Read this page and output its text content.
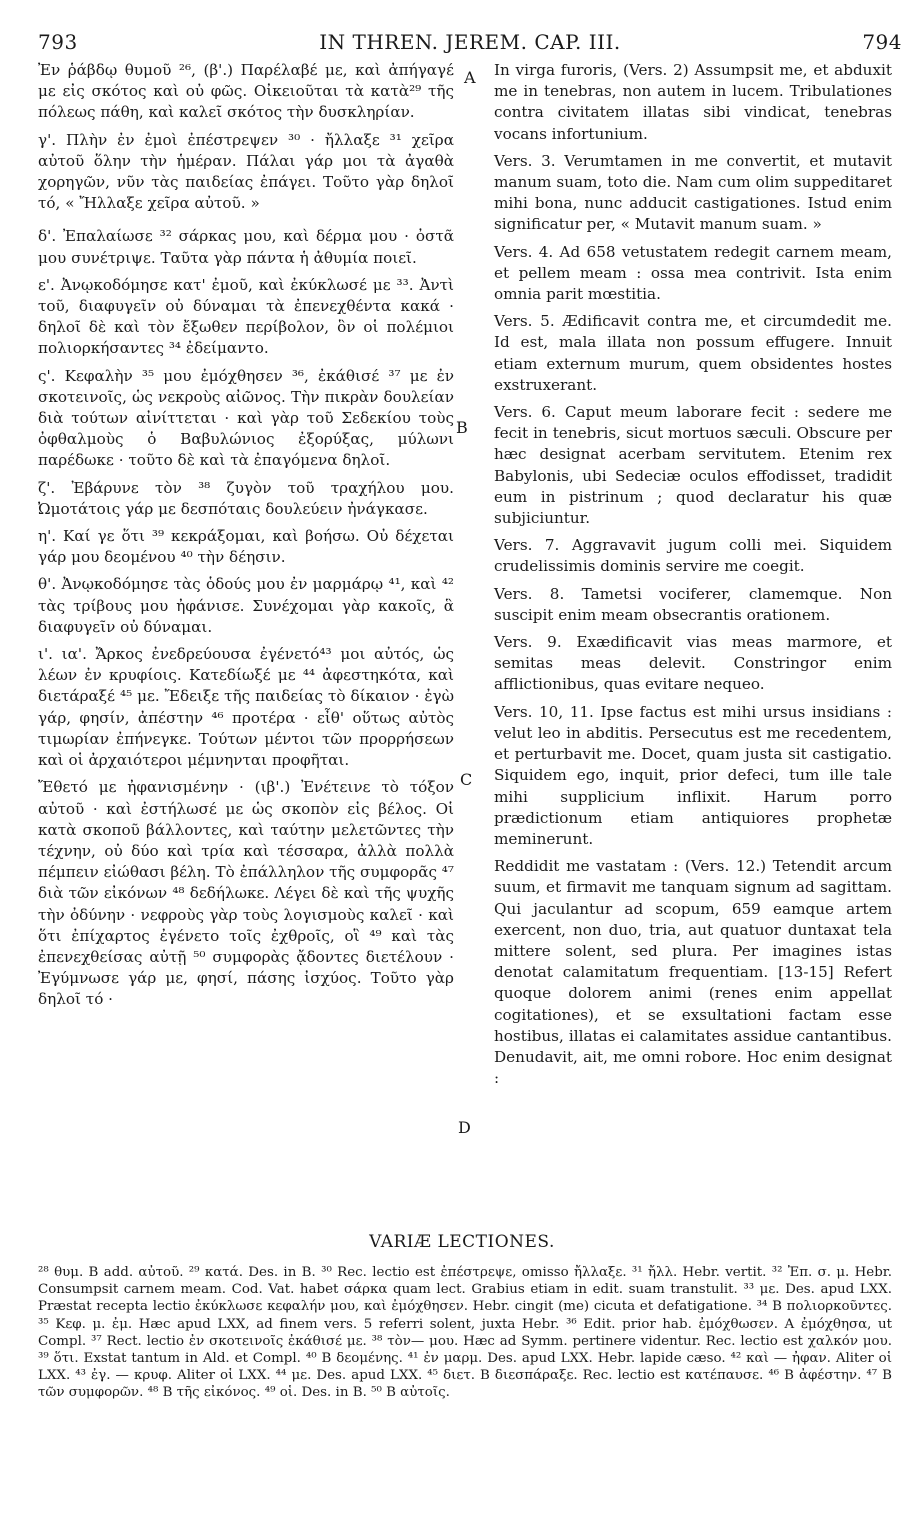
793	IN THREN. JEREM. CAP. III.	794
A
B
C
D

Ἐν ῥάβδῳ θυμοῦ ²⁶, (β'.) Παρέλαβέ με, καὶ ἀπήγαγέ με εἰς σκότος καὶ οὐ φῶς. Οἰκειοῦται τὰ κατὰ²⁹ τῆς πόλεως πάθη, καὶ καλεῖ σκότος τὴν δυσκληρίαν.

γ'. Πλὴν ἐν ἐμοὶ ἐπέστρεψεν ³⁰ · ἤλλαξε ³¹ χεῖρα αὐτοῦ ὅλην τὴν ἡμέραν. Πάλαι γάρ μοι τὰ ἀγαθὰ χορηγῶν, νῦν τὰς παιδείας ἐπάγει. Τοῦτο γὰρ δηλοῖ τό, « Ἤλλαξε χεῖρα αὐτοῦ. »

δ'. Ἐπαλαίωσε ³² σάρκας μου, καὶ δέρμα μου · ὀστᾶ μου συνέτριψε. Ταῦτα γὰρ πάντα ἡ ἀθυμία ποιεῖ.

ε'. Ἀνῳκοδόμησε κατ' ἐμοῦ, καὶ ἐκύκλωσέ με ³³. Ἀντὶ τοῦ, διαφυγεῖν οὐ δύναμαι τὰ ἐπενεχθέντα κακά · δηλοῖ δὲ καὶ τὸν ἔξωθεν περίβολον, ὃν οἱ πολέμιοι πολιορκήσαντες ³⁴ ἐδείμαντο.

ς'. Κεφαλὴν ³⁵ μου ἐμόχθησεν ³⁶, ἐκάθισέ ³⁷ με ἐν σκοτεινοῖς, ὡς νεκροὺς αἰῶνος. Τὴν πικρὰν δουλείαν διὰ τούτων αἰνίττεται · καὶ γὰρ τοῦ Σεδεκίου τοὺς ὀφθαλμοὺς ὁ Βαβυλώνιος ἐξορύξας, μύλωνι παρέδωκε · τοῦτο δὲ καὶ τὰ ἐπαγόμενα δηλοῖ.

ζ'. Ἐβάρυνε τὸν ³⁸ ζυγὸν τοῦ τραχήλου μου. Ὠμοτάτοις γάρ με δεσπόταις δουλεύειν ἠνάγκασε.

η'. Καί γε ὅτι ³⁹ κεκράξομαι, καὶ βοήσω. Οὐ δέχεται γάρ μου δεομένου ⁴⁰ τὴν δέησιν.

θ'. Ἀνῳκοδόμησε τὰς ὁδούς μου ἐν μαρμάρῳ ⁴¹, καὶ ⁴² τὰς τρίβους μου ἠφάνισε. Συνέχομαι γὰρ κακοῖς, ἃ διαφυγεῖν οὐ δύναμαι.

ι'. ια'. Ἄρκος ἐνεδρεύουσα ἐγένετό⁴³ μοι αὐτός, ὡς λέων ἐν κρυφίοις. Κατεδίωξέ με ⁴⁴ ἀφεστηκότα, καὶ διετάραξέ ⁴⁵ με. Ἔδειξε τῆς παιδείας τὸ δίκαιον · ἐγὼ γάρ, φησίν, ἀπέστην ⁴⁶ προτέρα · εἶθ' οὕτως αὐτὸς τιμωρίαν ἐπήνεγκε. Τούτων μέντοι τῶν προρρήσεων καὶ οἱ ἀρχαιότεροι μέμνηνται προφῆται.

Ἔθετό με ἠφανισμένην · (ιβ'.) Ἐνέτεινε τὸ τόξον αὐτοῦ · καὶ ἐστήλωσέ με ὡς σκοπὸν εἰς βέλος. Οἱ κατὰ σκοποῦ βάλλοντες, καὶ ταύτην μελετῶντες τὴν τέχνην, οὐ δύο καὶ τρία καὶ τέσσαρα, ἀλλὰ πολλὰ πέμπειν εἰώθασι βέλη. Τὸ ἐπάλληλον τῆς συμφορᾶς ⁴⁷ διὰ τῶν εἰκόνων ⁴⁸ δεδήλωκε. Λέγει δὲ καὶ τῆς ψυχῆς τὴν ὀδύνην · νεφροὺς γὰρ τοὺς λογισμοὺς καλεῖ · καὶ ὅτι ἐπίχαρτος ἐγένετο τοῖς ἐχθροῖς, οἳ ⁴⁹ καὶ τὰς ἐπενεχθείσας αὐτῇ ⁵⁰ συμφορὰς ᾄδοντες διετέλουν · Ἐγύμνωσε γάρ με, φησί, πάσης ἰσχύος. Τοῦτο γὰρ δηλοῖ τό ·

In virga furoris, (Vers. 2) Assumpsit me, et abduxit me in tenebras, non autem in lucem. Tribulationes contra civitatem illatas sibi vindicat, tenebras vocans infortunium.

Vers. 3. Verumtamen in me convertit, et mutavit manum suam, toto die. Nam cum olim suppeditaret mihi bona, nunc adducit castigationes. Istud enim significatur per, « Mutavit manum suam. »

Vers. 4. Ad 658 vetustatem redegit carnem meam, et pellem meam : ossa mea contrivit. Ista enim omnia parit mœstitia.

Vers. 5. Ædificavit contra me, et circumdedit me. Id est, mala illata non possum effugere. Innuit etiam externum murum, quem obsidentes hostes exstruxerant.

Vers. 6. Caput meum laborare fecit : sedere me fecit in tenebris, sicut mortuos sæculi. Obscure per hæc designat acerbam servitutem. Etenim rex Babylonis, ubi Sedeciæ oculos effodisset, tradidit eum in pistrinum ; quod declaratur his quæ subjiciuntur.

Vers. 7. Aggravavit jugum colli mei. Siquidem crudelissimis dominis servire me coegit.

Vers. 8. Tametsi vociferer, clamemque. Non suscipit enim meam obsecrantis orationem.

Vers. 9. Exædificavit vias meas marmore, et semitas meas delevit. Constringor enim afflictionibus, quas evitare nequeo.

Vers. 10, 11. Ipse factus est mihi ursus insidians : velut leo in abditis. Persecutus est me recedentem, et perturbavit me. Docet, quam justa sit castigatio. Siquidem ego, inquit, prior defeci, tum ille tale mihi supplicium inflixit. Harum porro prædictionum etiam antiquiores prophetæ meminerunt.

Reddidit me vastatam : (Vers. 12.) Tetendit arcum suum, et firmavit me tanquam signum ad sagittam. Qui jaculantur ad scopum, 659 eamque artem exercent, non duo, tria, aut quatuor duntaxat tela mittere solent, sed plura. Per imagines istas denotat calamitatum frequentiam. [13-15] Refert quoque dolorem animi (renes enim appellat cogitationes), et se exsultationi factam esse hostibus, illatas ei calamitates assidue cantantibus. Denudavit, ait, me omni robore. Hoc enim designat :

VARIÆ LECTIONES.
²⁸ θυμ. B add. αὐτοῦ. ²⁹ κατά. Des. in B. ³⁰ Rec. lectio est ἐπέστρεψε, omisso ἤλλαξε. ³¹ ἤλλ. Hebr. vertit. ³² Ἐπ. σ. μ. Hebr. Consumpsit carnem meam. Cod. Vat. habet σάρκα quam lect. Grabius etiam in edit. suam transtulit. ³³ με. Des. apud LXX. Præstat recepta lectio ἐκύκλωσε κεφαλήν μου, καὶ ἐμόχθησεν. Hebr. cingit (me) cicuta et defatigatione. ³⁴ B πολιορκοῦντες. ³⁵ Κεφ. μ. ἐμ. Hæc apud LXX, ad finem vers. 5 referri solent, juxta Hebr. ³⁶ Edit. prior hab. ἐμόχθωσεν. A ἐμόχθησα, ut Compl. ³⁷ Rect. lectio ἐν σκοτεινοῖς ἐκάθισέ με. ³⁸ τὸν— μου. Hæc ad Symm. pertinere videntur. Rec. lectio est χαλκόν μου. ³⁹ ὅτι. Exstat tantum in Ald. et Compl. ⁴⁰ B δεομένης. ⁴¹ ἐν μαρμ. Des. apud LXX. Hebr. lapide cæso. ⁴² καὶ — ἠφαν. Aliter οἱ LXX. ⁴³ ἐγ. — κρυφ. Aliter οἱ LXX. ⁴⁴ με. Des. apud LXX. ⁴⁵ διετ. B διεσπάραξε. Rec. lectio est κατέπαυσε. ⁴⁶ B ἀφέστην. ⁴⁷ B τῶν συμφορῶν. ⁴⁸ B τῆς εἰκόνος. ⁴⁹ οἱ. Des. in B. ⁵⁰ B αὐτοῖς.
